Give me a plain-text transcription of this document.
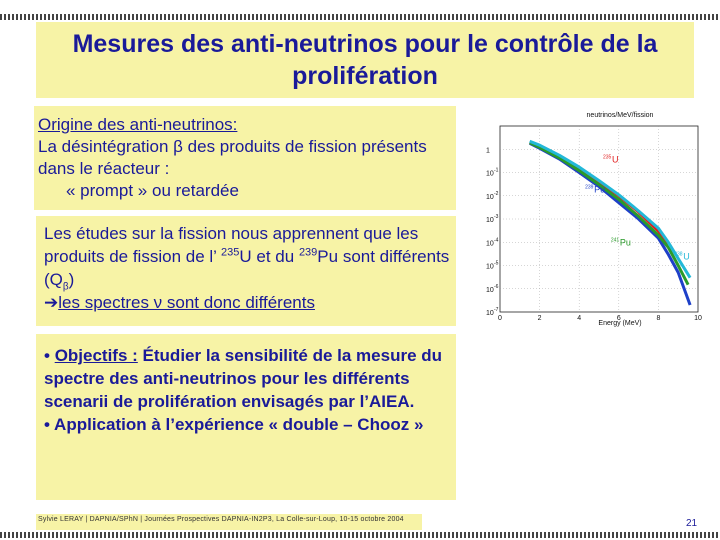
Mesures des anti-neutrinos pour le contrôle de la prolifération
Origine des anti-neutrinos:
La désintégration β des produits de fission présents dans le réacteur :
« prompt » ou retardée
Les études sur la fission nous apprennent que les produits de fission de l’ $^{235}$U et du $^{239}$Pu sont différents $(Q_\beta)$
➔les spectres ν sont donc différents
• Objectifs : Étudier la sensibilité de la mesure du spectre des anti-neutrinos pour les différents scenarii de prolifération envisagés par l’AIEA.
• Application à l’expérience « double – Chooz »
neutrinos/MeV/fission
Energy (MeV)
1
10 -1
10 -2
10 -3
10 -4
10 -5
10 -6
10 -7
0	2	4	6	8	10
235 U
239 Pu
241 Pu
238 U
Sylvie LERAY | DAPNIA/SPhN | Journées Prospectives DAPNIA-IN2P3, La Colle-sur-Loup, 10-15 octobre 2004	21
